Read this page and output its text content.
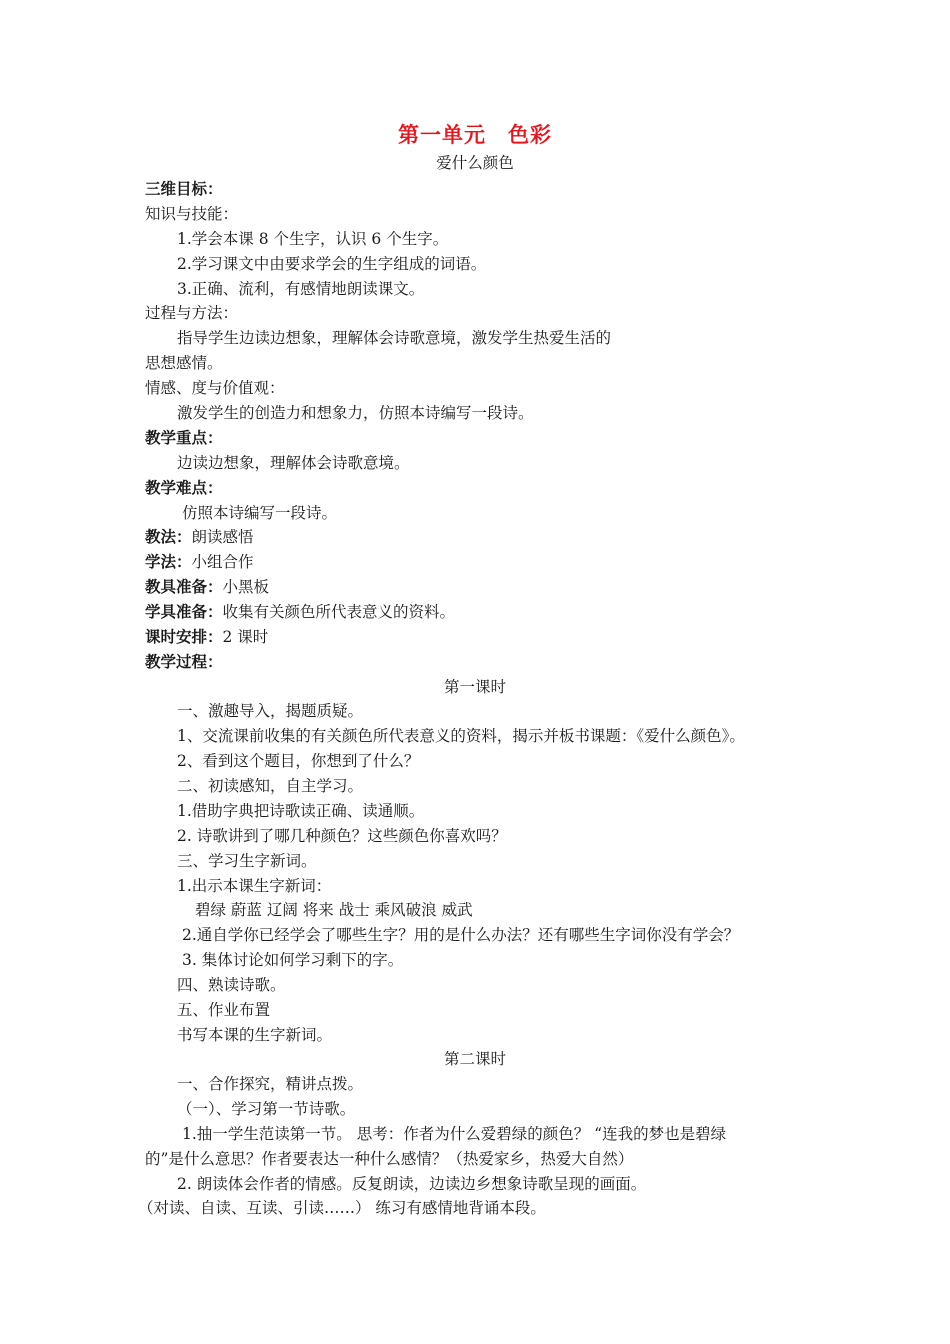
第一单元　色彩

爱什么颜色

三维目标：

知识与技能：

1.学会本课 8 个生字，认识 6 个生字。

2.学习课文中由要求学会的生字组成的词语。

3.正确、流利，有感情地朗读课文。

过程与方法：

指导学生边读边想象，理解体会诗歌意境，激发学生热爱生活的

思想感情。

情感、度与价值观：

激发学生的创造力和想象力，仿照本诗编写一段诗。

教学重点：

边读边想象，理解体会诗歌意境。

教学难点：

仿照本诗编写一段诗。

教法：朗读感悟

学法：小组合作

教具准备：小黑板

学具准备：收集有关颜色所代表意义的资料。

课时安排：2 课时

教学过程：

第一课时

一、激趣导入，揭题质疑。

1、交流课前收集的有关颜色所代表意义的资料，揭示并板书课题：《爱什么颜色》。

2、看到这个题目，你想到了什么？

二、初读感知，自主学习。

1.借助字典把诗歌读正确、读通顺。

2. 诗歌讲到了哪几种颜色？这些颜色你喜欢吗？

三、学习生字新词。

1.出示本课生字新词：

碧绿 蔚蓝 辽阔 将来 战士 乘风破浪 威武

2.通自学你已经学会了哪些生字？用的是什么办法？还有哪些生字词你没有学会？

3. 集体讨论如何学习剩下的字。

四、熟读诗歌。

五、作业布置

书写本课的生字新词。

第二课时

一、合作探究，精讲点拨。

（一）、学习第一节诗歌。

1.抽一学生范读第一节。 思考：作者为什么爱碧绿的颜色？ “连我的梦也是碧绿

的”是什么意思？作者要表达一种什么感情？（热爱家乡，热爱大自然）

2. 朗读体会作者的情感。反复朗读，边读边乡想象诗歌呈现的画面。

（对读、自读、互读、引读……） 练习有感情地背诵本段。
